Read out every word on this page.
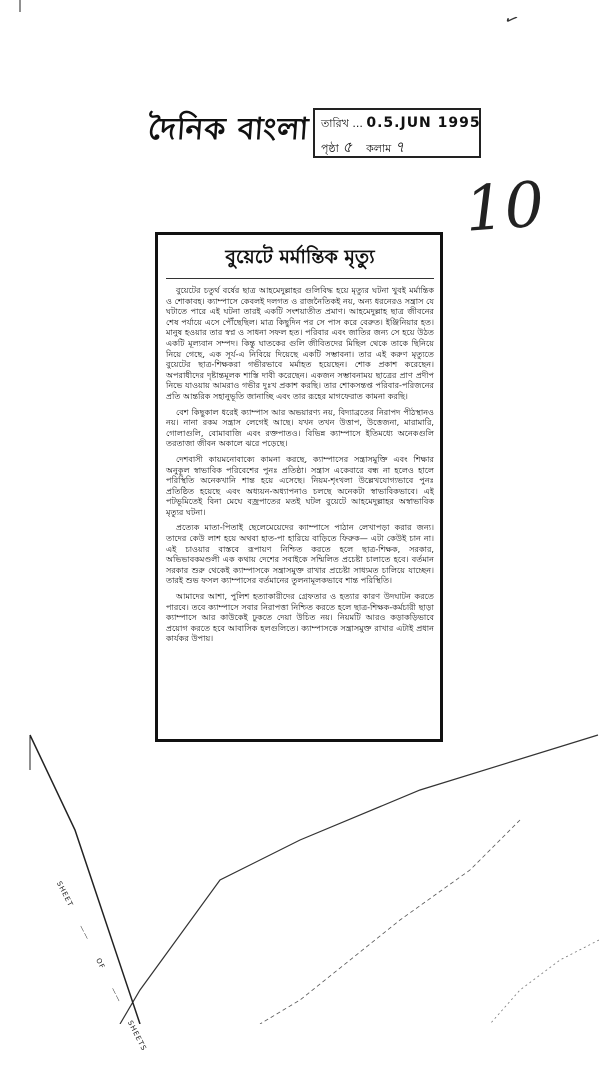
✓
দৈনিক বাংলা তারিখ ... 0.5.JUN 1995
পৃষ্ঠা ৫ কলাম ৭
10
বুয়েটে মর্মান্তিক মৃত্যু

বুয়েটের চতুর্থ বর্ষের ছাত্র আহমেদুল্লাহর গুলিবিদ্ধ হয়ে মৃত্যুর ঘটনা খুবই মর্মান্তিক ও শোকাবহ। ক্যাম্পাসে কেবলই দলগত ও রাজনৈতিকই নয়, অন্য ধরনেরও সন্ত্রাস যে ঘটাতে পারে এই ঘটনা তারই একটি সংশয়াতীত প্রমাণ। আহমেদুল্লাহ ছাত্র জীবনের শেষ পর্যায়ে এসে পৌঁছেছিল। মাত্র কিছুদিন পর সে পাস করে বেরুত। ইঞ্জিনিয়ার হত। মানুষ হওয়ার তার স্বপ্ন ও সাধনা সফল হত। পরিবার এবং জাতির জন্য সে হয়ে উঠত একটি মূল্যবান সম্পদ। কিন্তু ঘাতকের গুলি জীবিতদের মিছিল থেকে তাকে ছিনিয়ে নিয়ে গেছে, এক সূর্য-এ নিবিয়ে দিয়েছে একটি সম্ভাবনা। তার এই করুণ মৃত্যুতে বুয়েটের ছাত্র-শিক্ষকরা গভীরভাবে মর্মাহত হয়েছেন। শোক প্রকাশ করেছেন। অপরাধীদের দৃষ্টান্তমূলক শাস্তি দাবী করেছেন। একজন সম্ভাবনাময় ছাত্রের প্রাণ প্রদীপ নিভে যাওয়ায় আমরাও গভীর দুঃখ প্রকাশ করছি। তার শোকসন্তপ্ত পরিবার-পরিজনের প্রতি আন্তরিক সহানুভূতি জানাচ্ছি এবং তার রূহের মাগফেরাত কামনা করছি।

বেশ কিছুকাল ধরেই ক্যাম্পাস আর অভয়ারণ্য নয়, বিদ্যাব্রতের নিরাপদ পীঠস্থানও নয়। নানা রকম সন্ত্রাস লেগেই আছে। যখন তখন উত্তাপ, উত্তেজনা, মারামারি, গোলাগুলি, বোমাবাজি এবং রক্তপাতও। বিভিন্ন ক্যাম্পাসে ইতিমধ্যে অনেকগুলি তরতাজা জীবন অকালে ঝরে পড়েছে।

দেশবাসী কায়মনোবাক্যে কামনা করছে, ক্যাম্পাসের সন্ত্রাসমুক্তি এবং শিক্ষার অনুকূল স্বাভাবিক পরিবেশের পুনঃ প্রতিষ্ঠা। সন্ত্রাস একেবারে বন্ধ না হলেও হালে পরিস্থিতি অনেকখানি শান্ত হয়ে এসেছে। নিয়ম-শৃংখলা উল্লেখযোগ্যভাবে পুনঃ প্রতিষ্ঠিত হয়েছে এবং অধ্যয়ন-অধ্যাপনাও চলছে অনেকটা স্বাভাবিকভাবে। এই পটভূমিতেই বিনা মেঘে বজ্রপাতের মতই ঘটল বুয়েটে আহমেদুল্লাহর অস্বাভাবিক মৃত্যুর ঘটনা।

প্রত্যেক মাতা-পিতাই ছেলেমেয়েদের ক্যাম্পাসে পাঠান লেখাপড়া করার জন্য। তাদের কেউ লাশ হয়ে অথবা হাত-পা হারিয়ে বাড়িতে ফিরুক— এটা কেউই চান না। এই চাওয়ার বাস্তবে রূপায়ণ নিশ্চিত করতে হলে ছাত্র-শিক্ষক, সরকার, অভিভাবকমণ্ডলী এক কথায় দেশের সবাইকে সম্মিলিত প্রচেষ্টা চালাতে হবে। বর্তমান সরকার শুরু থেকেই ক্যাম্পাসকে সন্ত্রাসমুক্ত রাখার প্রচেষ্টা সাধ্যমত চালিয়ে যাচ্ছেন। তারই শুভ ফসল ক্যাম্পাসের বর্তমানের তুলনামূলকভাবে শান্ত পরিস্থিতি।

আমাদের আশা, পুলিশ হত্যাকারীদের গ্রেফতার ও হত্যার কারণ উদঘাটন করতে পারবে। তবে ক্যাম্পাসে সবার নিরাপত্তা নিশ্চিত করতে হলে ছাত্র-শিক্ষক-কর্মচারী ছাড়া ক্যাম্পাসে আর কাউকেই ঢুকতে দেয়া উচিত নয়। নিয়মটি আরও কড়াকড়িভাবে প্রয়োগ করতে হবে আবাসিক হলগুলিতে। ক্যাম্পাসকে সন্ত্রাসমুক্ত রাখার এটাই প্রধান কার্যকর উপায়।

SHEET —— OF —— SHEETS
